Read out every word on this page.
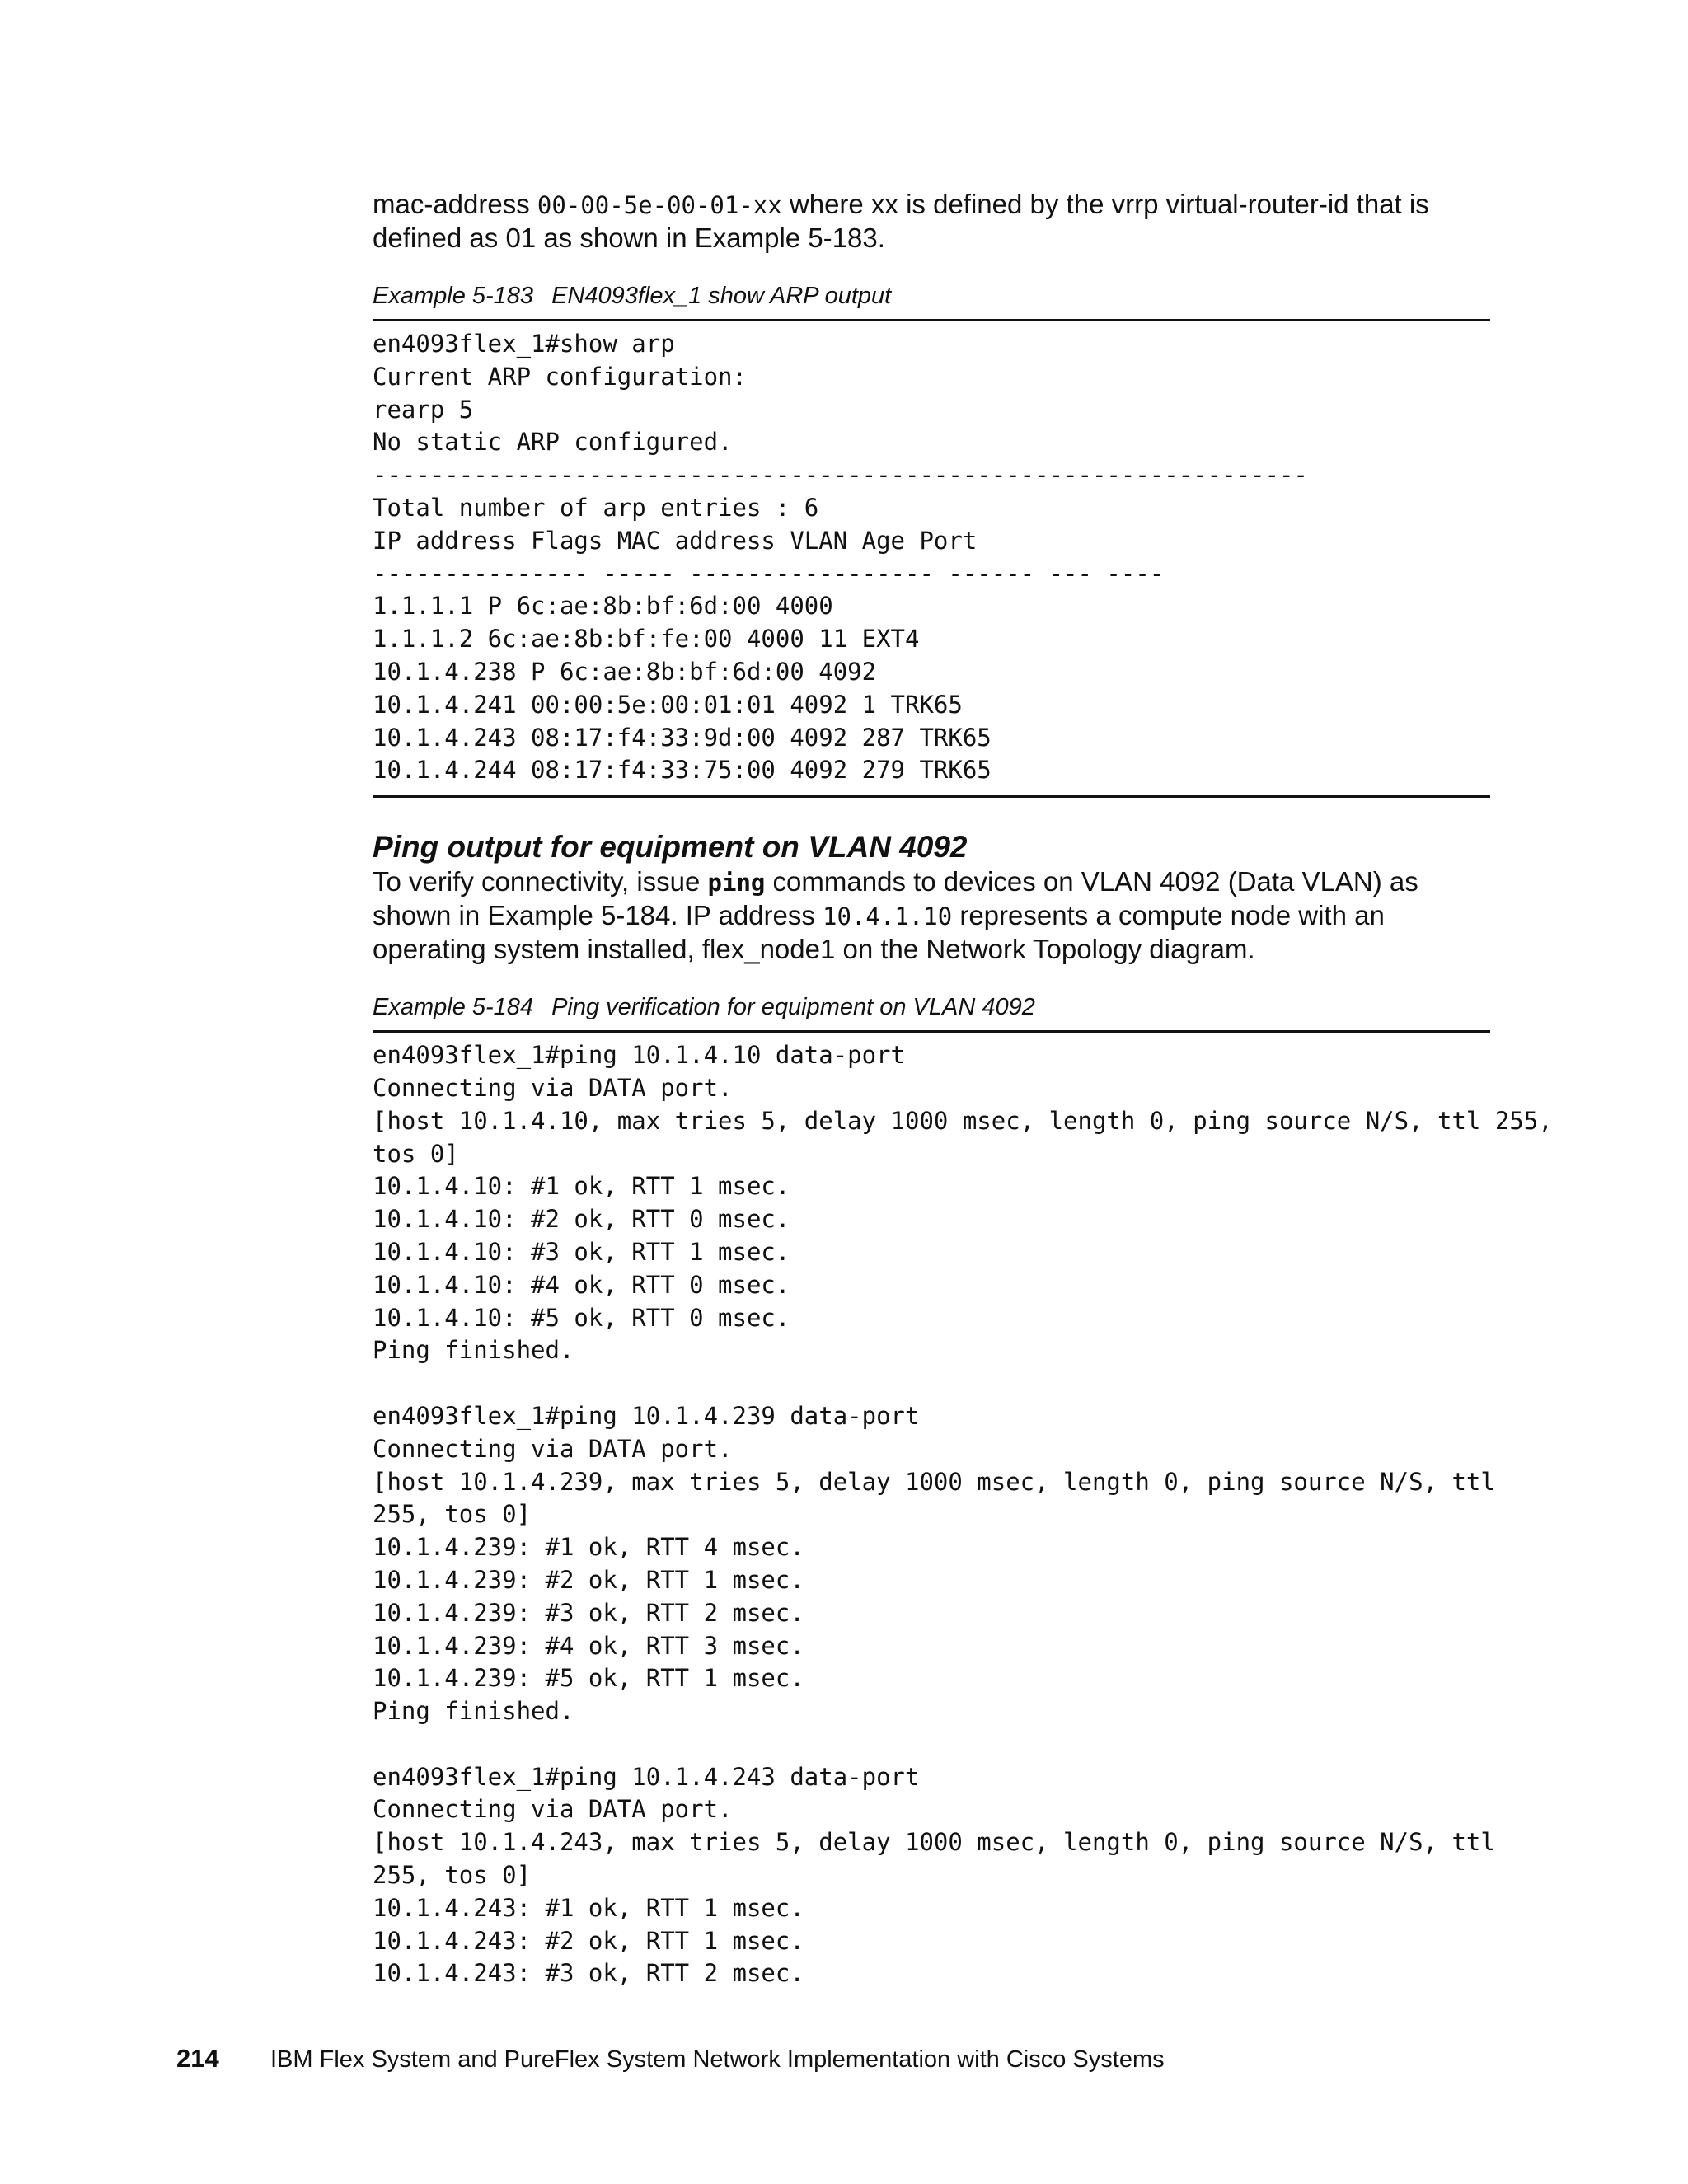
mac-address 00-00-5e-00-01-xx where xx is defined by the vrrp virtual-router-id that is defined as 01 as shown in Example 5-183.

Example 5-183 EN4093flex_1 show ARP output

en4093flex_1#show arp
Current ARP configuration:
rearp 5
No static ARP configured.
-----------------------------------------------------------------
Total number of arp entries : 6
IP address Flags MAC address VLAN Age Port
--------------- ----- ----------------- ------ --- ----
1.1.1.1 P 6c:ae:8b:bf:6d:00 4000
1.1.1.2 6c:ae:8b:bf:fe:00 4000 11 EXT4
10.1.4.238 P 6c:ae:8b:bf:6d:00 4092
10.1.4.241 00:00:5e:00:01:01 4092 1 TRK65
10.1.4.243 08:17:f4:33:9d:00 4092 287 TRK65
10.1.4.244 08:17:f4:33:75:00 4092 279 TRK65
Ping output for equipment on VLAN 4092

To verify connectivity, issue ping commands to devices on VLAN 4092 (Data VLAN) as shown in Example 5-184. IP address 10.4.1.10 represents a compute node with an operating system installed, flex_node1 on the Network Topology diagram.

Example 5-184 Ping verification for equipment on VLAN 4092

en4093flex_1#ping 10.1.4.10 data-port
Connecting via DATA port.
[host 10.1.4.10, max tries 5, delay 1000 msec, length 0, ping source N/S, ttl 255,
tos 0]
10.1.4.10: #1 ok, RTT 1 msec.
10.1.4.10: #2 ok, RTT 0 msec.
10.1.4.10: #3 ok, RTT 1 msec.
10.1.4.10: #4 ok, RTT 0 msec.
10.1.4.10: #5 ok, RTT 0 msec.
Ping finished.
en4093flex_1#ping 10.1.4.239 data-port
Connecting via DATA port.
[host 10.1.4.239, max tries 5, delay 1000 msec, length 0, ping source N/S, ttl
255, tos 0]
10.1.4.239: #1 ok, RTT 4 msec.
10.1.4.239: #2 ok, RTT 1 msec.
10.1.4.239: #3 ok, RTT 2 msec.
10.1.4.239: #4 ok, RTT 3 msec.
10.1.4.239: #5 ok, RTT 1 msec.
Ping finished.
en4093flex_1#ping 10.1.4.243 data-port
Connecting via DATA port.
[host 10.1.4.243, max tries 5, delay 1000 msec, length 0, ping source N/S, ttl
255, tos 0]
10.1.4.243: #1 ok, RTT 1 msec.
10.1.4.243: #2 ok, RTT 1 msec.
10.1.4.243: #3 ok, RTT 2 msec.
214 IBM Flex System and PureFlex System Network Implementation with Cisco Systems
